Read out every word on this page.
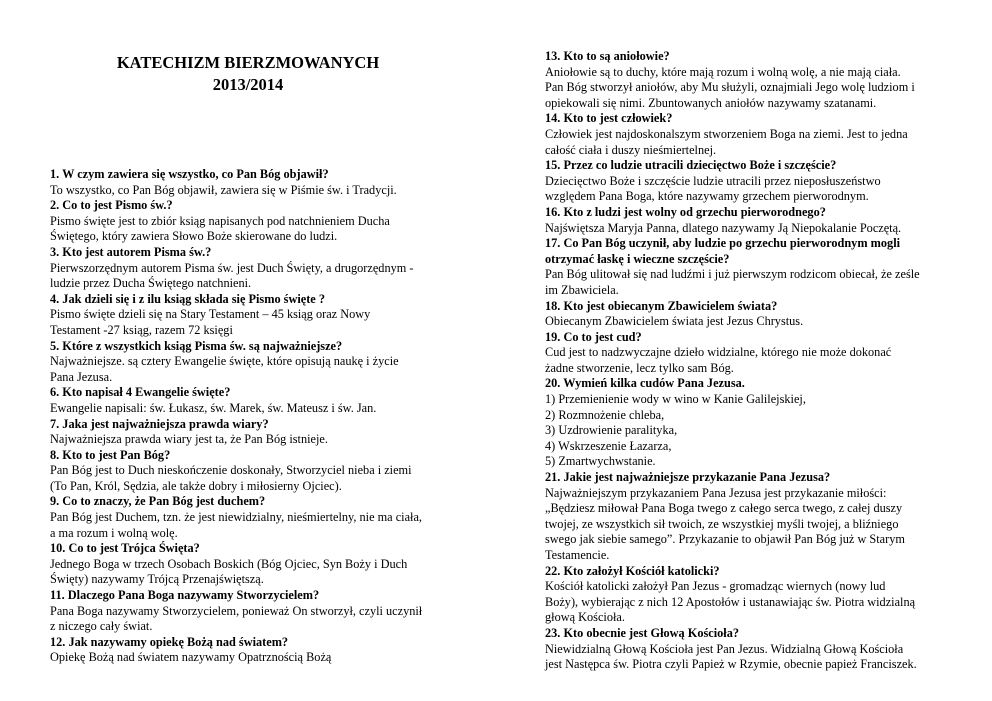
KATECHIZM BIERZMOWANYCH
2013/2014
1. W czym zawiera się wszystko, co Pan Bóg objawił?
To wszystko, co Pan Bóg objawił, zawiera się w Piśmie św. i Tradycji.
2. Co to jest Pismo św.?
Pismo święte jest to zbiór ksiąg napisanych pod natchnieniem Ducha
Świętego, który zawiera Słowo Boże skierowane do ludzi.
3. Kto jest autorem Pisma św.?
Pierwszorzędnym autorem Pisma św. jest Duch Święty, a drugorzędnym -
ludzie przez Ducha Świętego natchnieni.
4. Jak dzieli się i z ilu ksiąg składa się Pismo święte ?
Pismo święte dzieli się na Stary Testament – 45 ksiąg oraz Nowy
Testament -27 ksiąg, razem 72 księgi
5. Które z wszystkich ksiąg Pisma św. są najważniejsze?
Najważniejsze. są cztery Ewangelie święte, które opisują naukę i życie
Pana Jezusa.
6. Kto napisał 4 Ewangelie święte?
Ewangelie napisali: św. Łukasz, św. Marek, św. Mateusz i św. Jan.
7. Jaka jest najważniejsza prawda wiary?
Najważniejsza prawda wiary jest ta, że Pan Bóg istnieje.
8. Kto to jest Pan Bóg?
Pan Bóg jest to Duch nieskończenie doskonały, Stworzyciel nieba i ziemi
(To Pan, Król, Sędzia, ale także dobry i miłosierny Ojciec).
9. Co to znaczy, że Pan Bóg jest duchem?
Pan Bóg jest Duchem, tzn. że jest niewidzialny, nieśmiertelny, nie ma ciała,
a ma rozum i wolną wolę.
10. Co to jest Trójca Święta?
Jednego Boga w trzech Osobach Boskich (Bóg Ojciec, Syn Boży i Duch
Święty) nazywamy Trójcą Przenajświętszą.
11. Dlaczego Pana Boga nazywamy Stworzycielem?
Pana Boga nazywamy Stworzycielem, ponieważ On stworzył, czyli uczynił
z niczego cały świat.
12. Jak nazywamy opiekę Bożą nad światem?
Opiekę Bożą nad światem nazywamy Opatrznością Bożą
13. Kto to są aniołowie?
Aniołowie są to duchy, które mają rozum i wolną wolę, a nie mają ciała.
Pan Bóg stworzył aniołów, aby Mu służyli, oznajmiali Jego wolę ludziom i
opiekowali się nimi. Zbuntowanych aniołów nazywamy szatanami.
14. Kto to jest człowiek?
Człowiek jest najdoskonalszym stworzeniem Boga na ziemi. Jest to jedna
całość ciała i duszy nieśmiertelnej.
15. Przez co ludzie utracili dziecięctwo Boże i szczęście?
Dziecięctwo Boże i szczęście ludzie utracili przez nieposłuszeństwo
względem Pana Boga, które nazywamy grzechem pierworodnym.
16. Kto z ludzi jest wolny od grzechu pierworodnego?
Najświętsza Maryja Panna, dlatego nazywamy Ją Niepokalanie Poczętą.
17. Co Pan Bóg uczynił, aby ludzie po grzechu pierworodnym mogli
otrzymać łaskę i wieczne szczęście?
Pan Bóg ulitował się nad ludźmi i już pierwszym rodzicom obiecał, że ześle
im Zbawiciela.
18. Kto jest obiecanym Zbawicielem świata?
Obiecanym Zbawicielem świata jest Jezus Chrystus.
19. Co to jest cud?
Cud jest to nadzwyczajne dzieło widzialne, którego nie może dokonać
żadne stworzenie, lecz tylko sam Bóg.
20. Wymień kilka cudów Pana Jezusa.
1) Przemienienie wody w wino w Kanie Galilejskiej,
2) Rozmnożenie chleba,
3) Uzdrowienie paralityka,
4) Wskrzeszenie Łazarza,
5) Zmartwychwstanie.
21. Jakie jest najważniejsze przykazanie Pana Jezusa?
Najważniejszym przykazaniem Pana Jezusa jest przykazanie miłości:
„Będziesz miłował Pana Boga twego z całego serca twego, z całej duszy
twojej, ze wszystkich sił twoich, ze wszystkiej myśli twojej, a bliźniego
swego jak siebie samego”. Przykazanie to objawił Pan Bóg już w Starym
Testamencie.
22. Kto założył Kościół katolicki?
Kościół katolicki założył Pan Jezus - gromadząc wiernych (nowy lud
Boży), wybierając z nich 12 Apostołów i ustanawiając św. Piotra widzialną
głową Kościoła.
23. Kto obecnie jest Głową Kościoła?
Niewidzialną Głową Kościoła jest Pan Jezus. Widzialną Głową Kościoła
jest Następca św. Piotra czyli Papież w Rzymie, obecnie papież Franciszek.
